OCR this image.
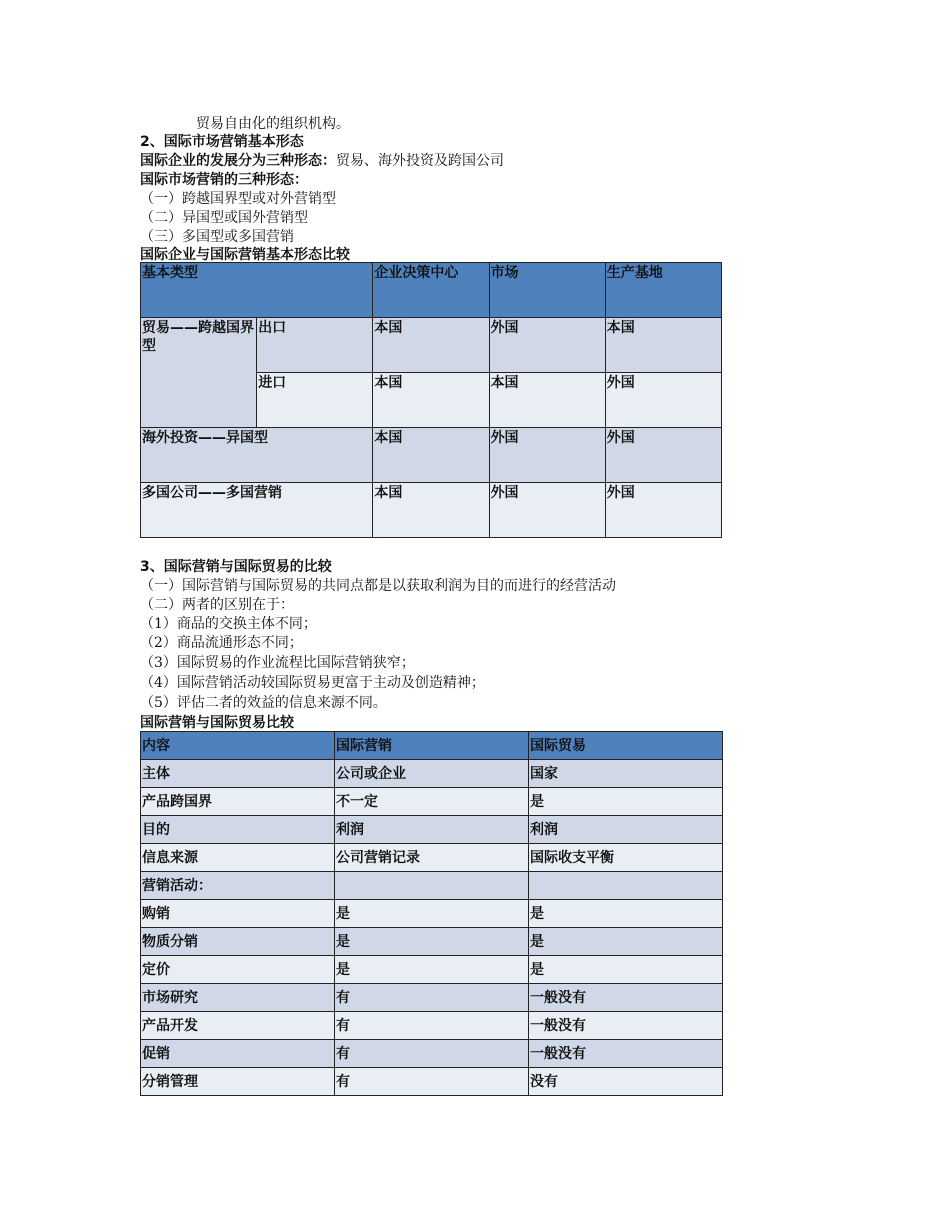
贸易自由化的组织机构。
2、国际市场营销基本形态
国际企业的发展分为三种形态：贸易、海外投资及跨国公司
国际市场营销的三种形态：
（一）跨越国界型或对外营销型
（二）异国型或国外营销型
（三）多国型或多国营销
国际企业与国际营销基本形态比较
基本类型		企业决策中心	市场	生产基地
贸易——跨越国界型	出口	本国	外国	本国
	进口	本国	本国	外国
海外投资——异国型		本国	外国	外国
多国公司——多国营销		本国	外国	外国
3、国际营销与国际贸易的比较
（一）国际营销与国际贸易的共同点都是以获取利润为目的而进行的经营活动
（二）两者的区别在于：
（1）商品的交换主体不同；
（2）商品流通形态不同；
（3）国际贸易的作业流程比国际营销狭窄；
（4）国际营销活动较国际贸易更富于主动及创造精神；
（5）评估二者的效益的信息来源不同。
国际营销与国际贸易比较
内容	国际营销	国际贸易
主体	公司或企业	国家
产品跨国界	不一定	是
目的	利润	利润
信息来源	公司营销记录	国际收支平衡
营销活动：		
购销	是	是
物质分销	是	是
定价	是	是
市场研究	有	一般没有
产品开发	有	一般没有
促销	有	一般没有
分销管理	有	没有
